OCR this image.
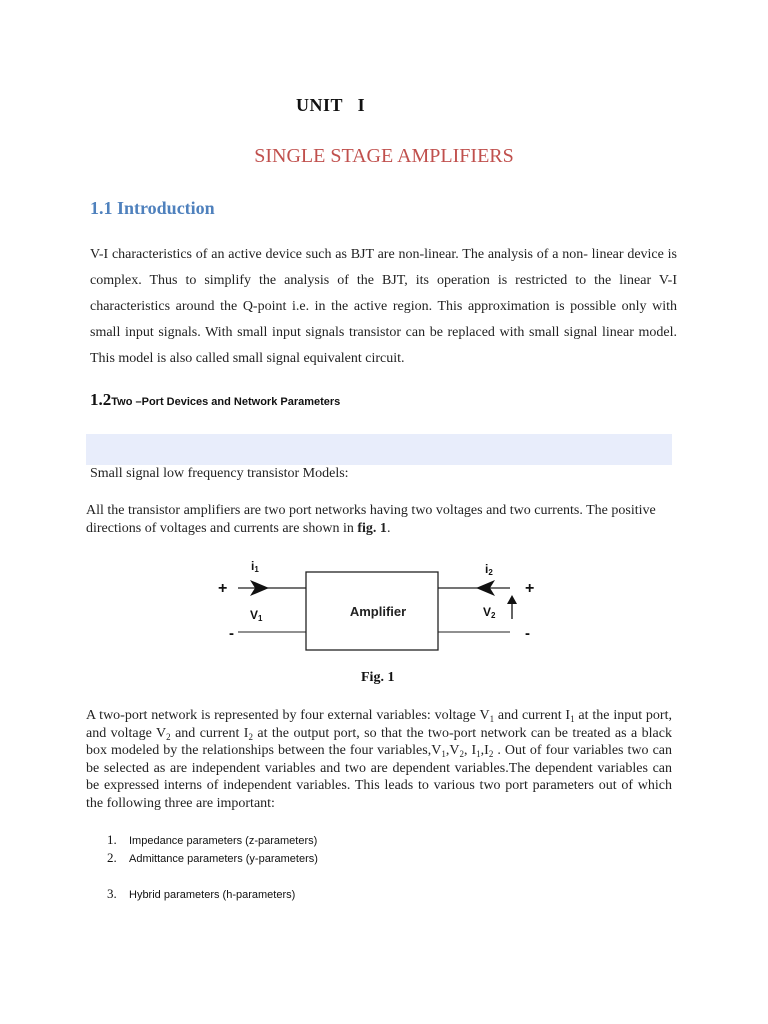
UNIT   I
SINGLE STAGE AMPLIFIERS
1.1 Introduction
V-I characteristics of an active device such as BJT are non-linear. The analysis of a non- linear device is complex. Thus to simplify the analysis of the BJT, its operation is restricted to the linear V-I characteristics around the Q-point i.e. in the active region. This approximation is possible only with small input signals. With small input signals transistor can be replaced with small signal linear model. This model is also called small signal equivalent circuit.
1.2Two –Port Devices and Network Parameters
Small signal low frequency transistor Models:
All the transistor amplifiers are two port networks having two voltages and two currents. The positive directions of voltages and currents are shown in fig. 1.
Amplifier
+
-
+
-
i1	i2
V1	V2
Fig. 1
A two-port network is represented by four external variables: voltage $V_1$ and current $I_1$ at the input port, and voltage $V_2$ and current $I_2$ at the output port, so that the two-port network can be treated as a black box modeled by the relationships between the four $variables,V_1,V_2$, $I_1,I_2$ . Out of four variables two can be selected as are independent variables and two are dependent variables.The dependent variables can be expressed interns of independent variables. This leads to various two port parameters out of which the following three are important:
1. Impedance parameters (z-parameters)
2. Admittance parameters (y-parameters)
3. Hybrid parameters (h-parameters)
